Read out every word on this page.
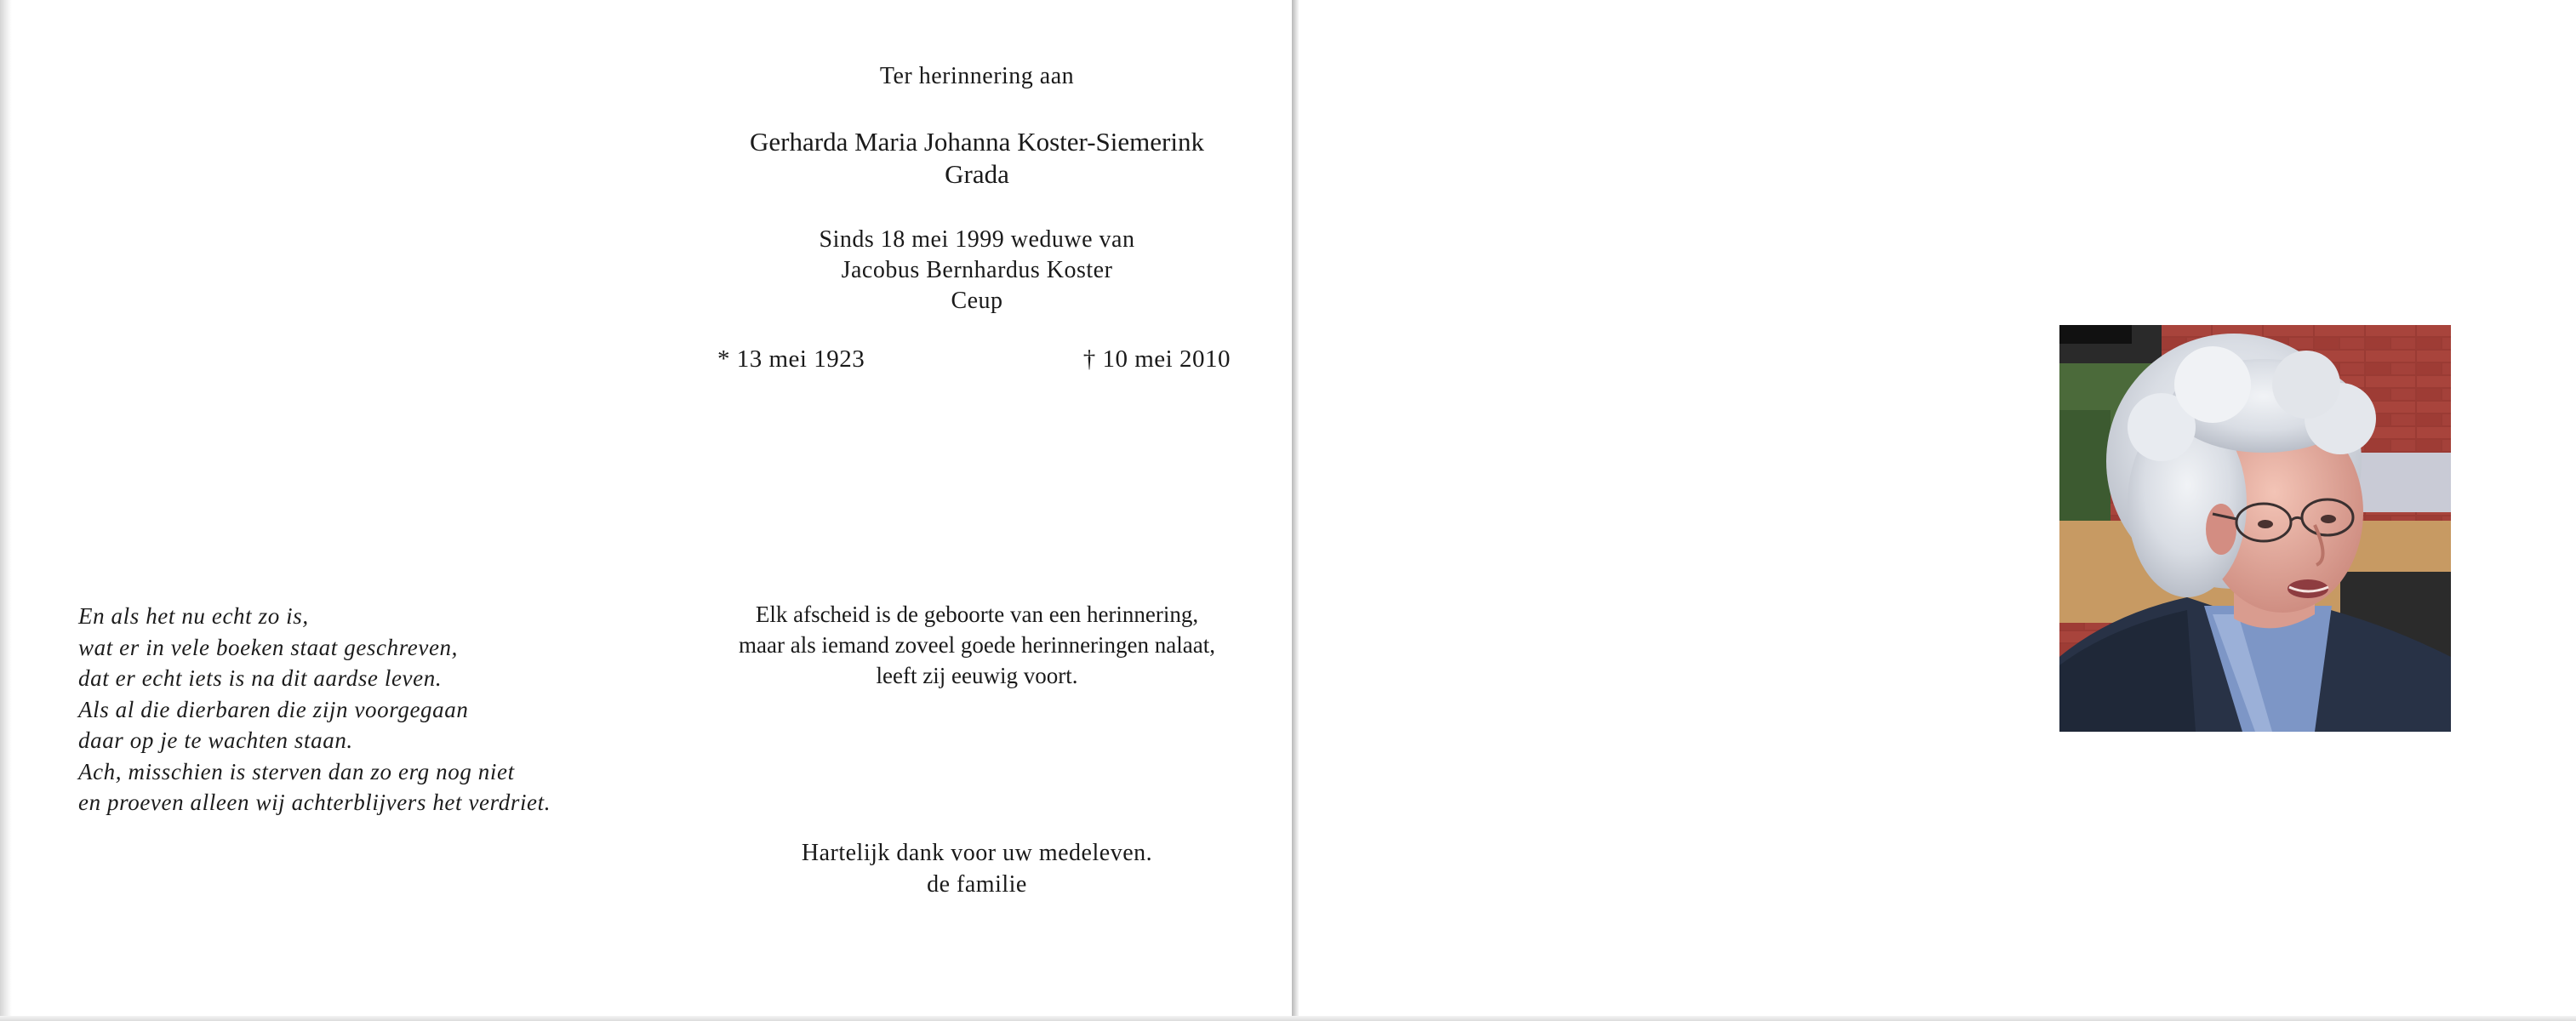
Ter herinnering aan
Gerharda Maria Johanna Koster-Siemerink
Grada
Sinds 18 mei 1999 weduwe van
Jacobus Bernhardus Koster
Ceup
* 13 mei 1923	† 10 mei 2010
En als het nu echt zo is,
wat er in vele boeken staat geschreven,
dat er echt iets is na dit aardse leven.
Als al die dierbaren die zijn voorgegaan
daar op je te wachten staan.
Ach, misschien is sterven dan zo erg nog niet
en proeven alleen wij achterblijvers het verdriet.
Elk afscheid is de geboorte van een herinnering,
maar als iemand zoveel goede herinneringen nalaat,
leeft zij eeuwig voort.
Hartelijk dank voor uw medeleven.
de familie
